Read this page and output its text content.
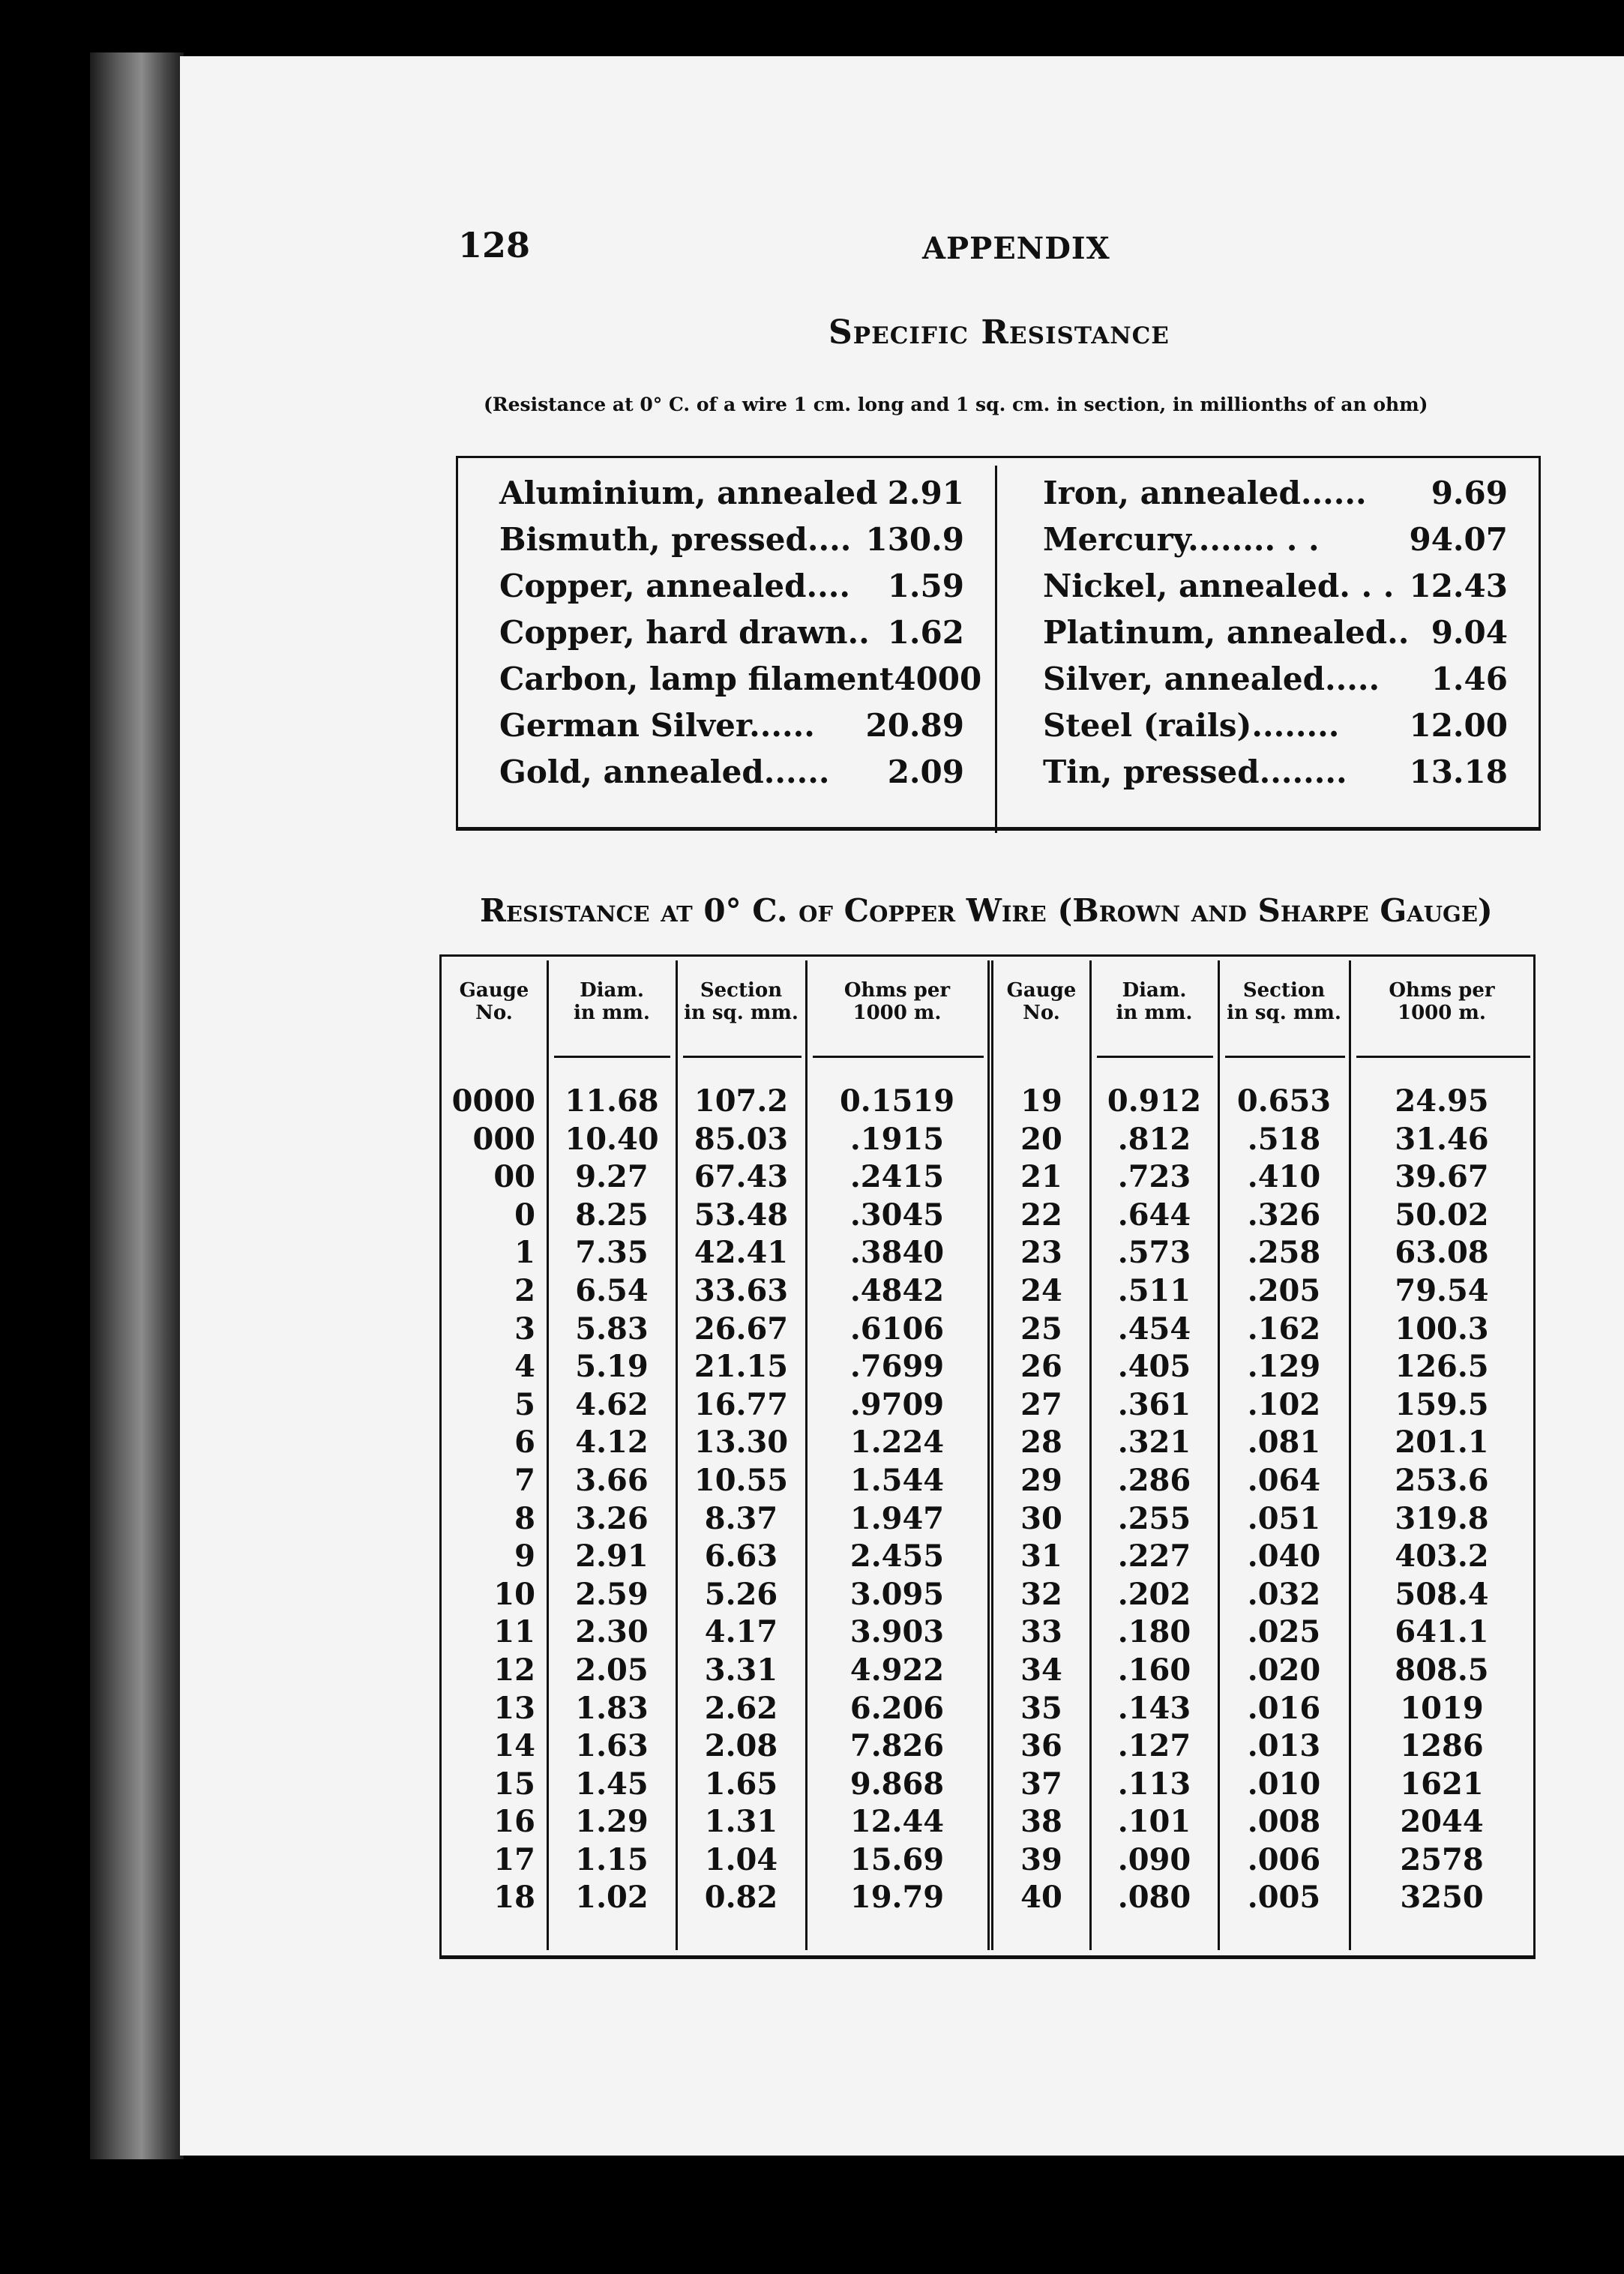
128	APPENDIX
Specific Resistance
(Resistance at 0° C. of a wire 1 cm. long and 1 sq. cm. in section, in millionths of an ohm)
Aluminium, annealed 2.91
Bismuth, pressed.... 130.9
Copper, annealed.... 1.59
Copper, hard drawn.. 1.62
Carbon, lamp filament 4000
German Silver...... 20.89
Gold, annealed...... 2.09
Iron, annealed...... 9.69
Mercury........ . .	94.07
Nickel, annealed. . . 12.43
Platinum, annealed.. 9.04
Silver, annealed..... 1.46
Steel (rails)........ 12.00
Tin, pressed........ 13.18
Resistance at 0° C. of Copper Wire (Brown and Sharpe Gauge)
Gauge
No.
Diam.
in mm.
Section
in sq. mm.
Ohms per
1000 m.
Gauge
No.
Diam.
in mm.
Section
in sq. mm.
Ohms per
1000 m.
0000
000
00
0
1
2
3
4
5
6
7
8
9
10
11
12
13
14
15
16
17
18
11.68
10.40
9.27
8.25
7.35
6.54
5.83
5.19
4.62
4.12
3.66
3.26
2.91
2.59
2.30
2.05
1.83
1.63
1.45
1.29
1.15
1.02
107.2
85.03
67.43
53.48
42.41
33.63
26.67
21.15
16.77
13.30
10.55
8.37
6.63
5.26
4.17
3.31
2.62
2.08
1.65
1.31
1.04
0.82
0.1519
.1915
.2415
.3045
.3840
.4842
.6106
.7699
.9709
1.224
1.544
1.947
2.455
3.095
3.903
4.922
6.206
7.826
9.868
12.44
15.69
19.79
19
20
21
22
23
24
25
26
27
28
29
30
31
32
33
34
35
36
37
38
39
40
0.912
.812
.723
.644
.573
.511
.454
.405
.361
.321
.286
.255
.227
.202
.180
.160
.143
.127
.113
.101
.090
.080
0.653
.518
.410
.326
.258
.205
.162
.129
.102
.081
.064
.051
.040
.032
.025
.020
.016
.013
.010
.008
.006
.005
24.95
31.46
39.67
50.02
63.08
79.54
100.3
126.5
159.5
201.1
253.6
319.8
403.2
508.4
641.1
808.5
1019
1286
1621
2044
2578
3250
